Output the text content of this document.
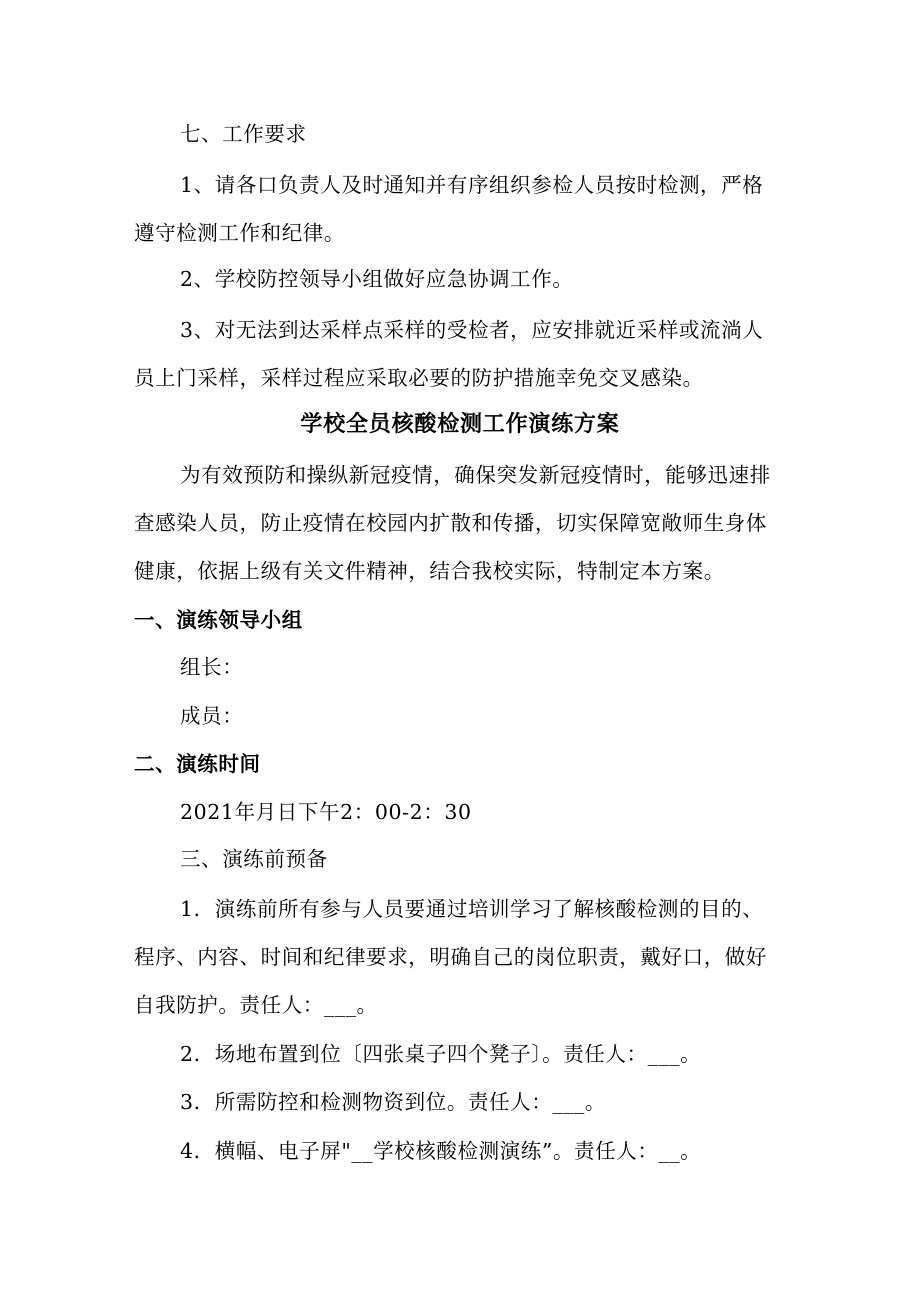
七、工作要求
1、请各口负责人及时通知并有序组织参检人员按时检测，严格
遵守检测工作和纪律。
2、学校防控领导小组做好应急协调工作。
3、对无法到达采样点采样的受检者，应安排就近采样或流淌人
员上门采样，采样过程应采取必要的防护措施幸免交叉感染。
学校全员核酸检测工作演练方案
为有效预防和操纵新冠疫情，确保突发新冠疫情时，能够迅速排
查感染人员，防止疫情在校园内扩散和传播，切实保障宽敞师生身体
健康，依据上级有关文件精神，结合我校实际，特制定本方案。
一、演练领导小组
组长：
成员：
二、演练时间
2021年月日下午2：00-2：30
三、演练前预备
1．演练前所有参与人员要通过培训学习了解核酸检测的目的、
程序、内容、时间和纪律要求，明确自己的岗位职责，戴好口，做好
自我防护。责任人：___。
2．场地布置到位〔四张桌子四个凳子〕。责任人：___。
3．所需防控和检测物资到位。责任人：___。
4．横幅、电子屏"__学校核酸检测演练”。责任人：__。
